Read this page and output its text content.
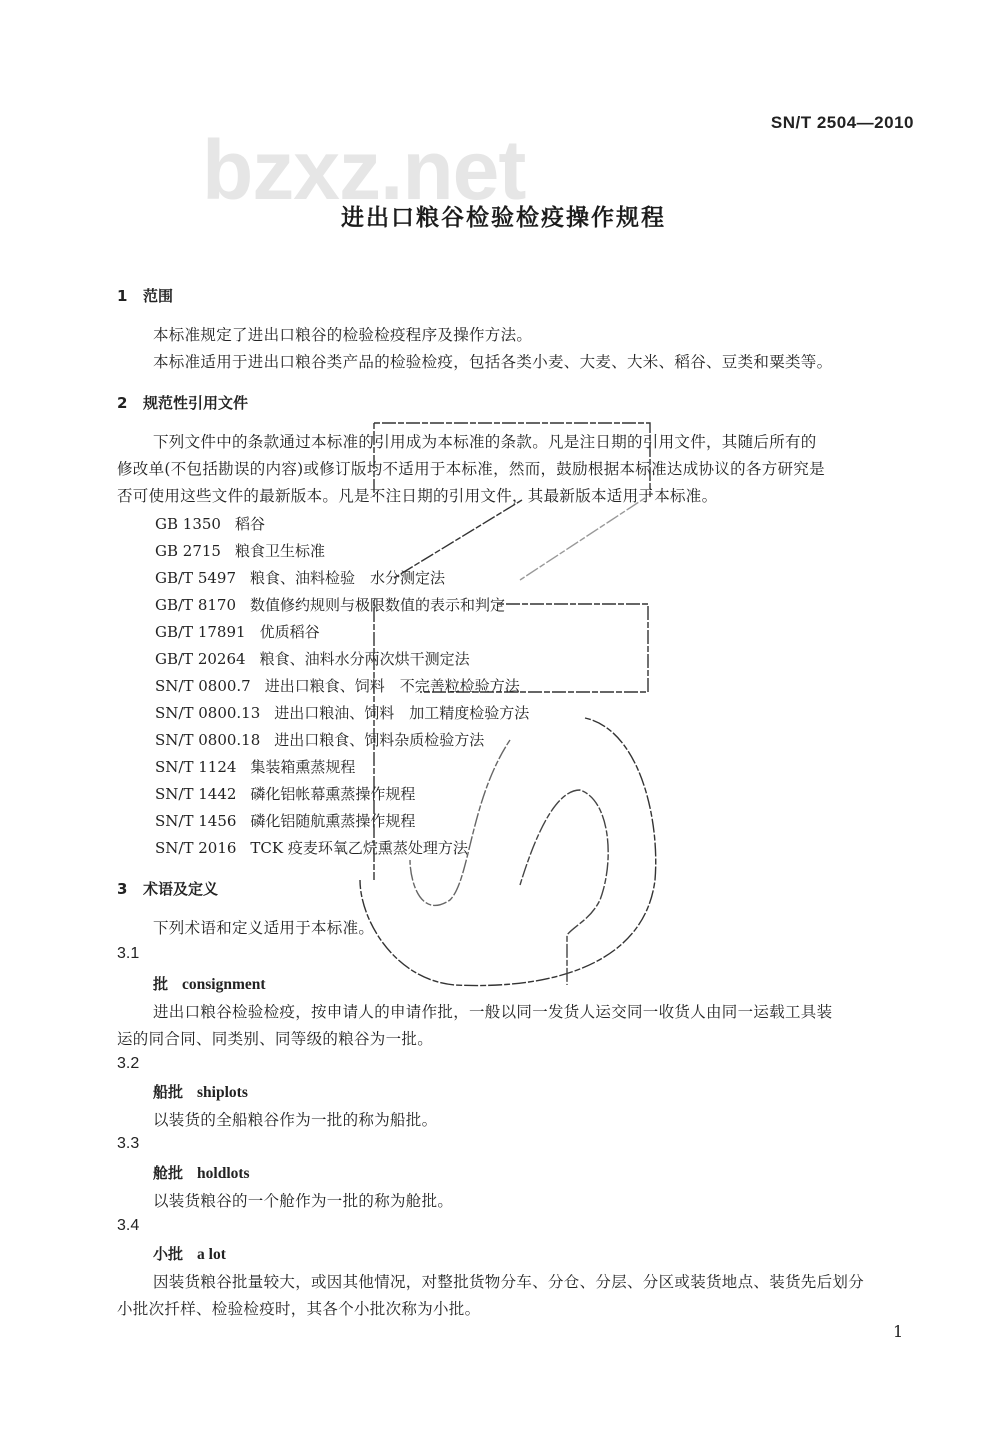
SN/T 2504—2010
bzxz.net
进出口粮谷检验检疫操作规程
1 范围
本标准规定了进出口粮谷的检验检疫程序及操作方法。
本标准适用于进出口粮谷类产品的检验检疫，包括各类小麦、大麦、大米、稻谷、豆类和粟类等。
2 规范性引用文件
下列文件中的条款通过本标准的引用成为本标准的条款。凡是注日期的引用文件，其随后所有的
修改单(不包括勘误的内容)或修订版均不适用于本标准，然而，鼓励根据本标准达成协议的各方研究是
否可使用这些文件的最新版本。凡是不注日期的引用文件，其最新版本适用于本标准。
GB 1350 稻谷
GB 2715 粮食卫生标准
GB/T 5497 粮食、油料检验　水分测定法
GB/T 8170 数值修约规则与极限数值的表示和判定
GB/T 17891 优质稻谷
GB/T 20264 粮食、油料水分两次烘干测定法
SN/T 0800.7 进出口粮食、饲料　不完善粒检验方法
SN/T 0800.13 进出口粮油、饲料　加工精度检验方法
SN/T 0800.18 进出口粮食、饲料杂质检验方法
SN/T 1124 集装箱熏蒸规程
SN/T 1442 磷化铝帐幕熏蒸操作规程
SN/T 1456 磷化铝随航熏蒸操作规程
SN/T 2016 TCK 疫麦环氧乙烷熏蒸处理方法
3 术语及定义
下列术语和定义适用于本标准。
3.1
批 consignment
进出口粮谷检验检疫，按申请人的申请作批，一般以同一发货人运交同一收货人由同一运载工具装
运的同合同、同类别、同等级的粮谷为一批。
3.2
船批 shiplots
以装货的全船粮谷作为一批的称为船批。
3.3
舱批 holdlots
以装货粮谷的一个舱作为一批的称为舱批。
3.4
小批 a lot
因装货粮谷批量较大，或因其他情况，对整批货物分车、分仓、分层、分区或装货地点、装货先后划分
小批次扦样、检验检疫时，其各个小批次称为小批。
1
